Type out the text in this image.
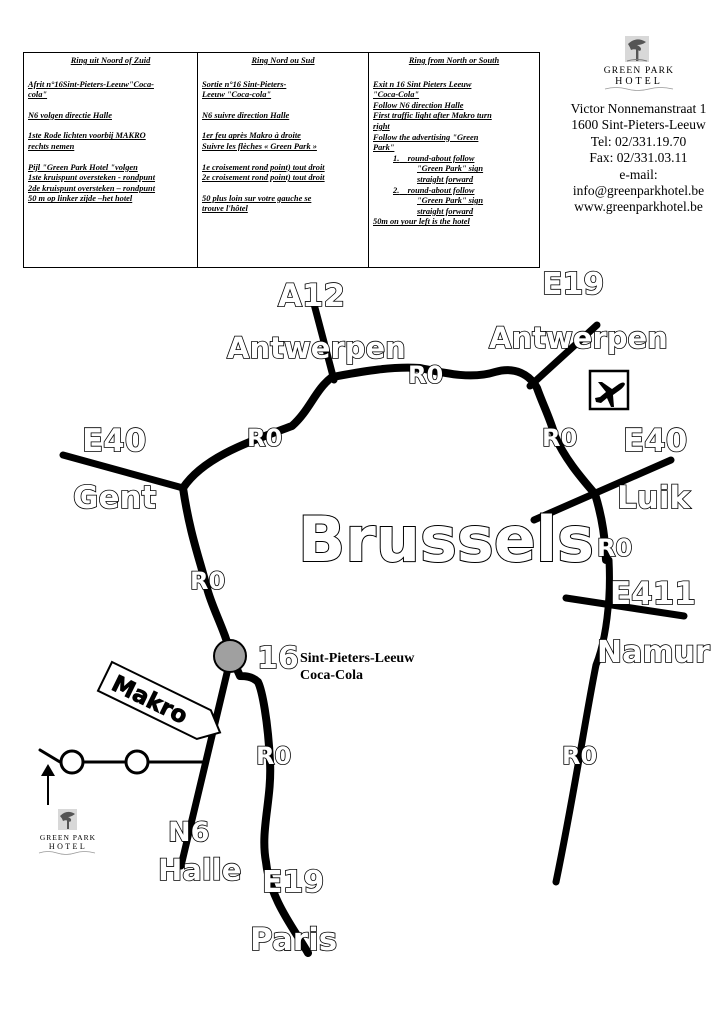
Ring uit Noord of Zuid
Afrit n°16Sint-Pieters-Leeuw"Coca-
cola"
N6 volgen directie Halle
1ste Rode lichten voorbij MAKRO
rechts nemen
Pijl "Green Park Hotel "volgen
1ste kruispunt oversteken - rondpunt
2de kruispunt oversteken – rondpunt
50 m op linker zijde –het hotel
Ring Nord ou Sud
Sortie n°16 Sint-Pieters-
Leeuw "Coca-cola"
N6 suivre direction Halle
1er feu après Makro à droite
Suivre les flèches « Green Park »
1e croisement rond point) tout droit
2e croisement rond point) tout droit
50 plus loin sur votre gauche se
trouve l'hôtel
Ring from North or South
Exit n 16 Sint Pieters Leeuw
"Coca-Cola"
Follow N6 direction Halle
First traffic light after Makro turn
right
Follow the advertising "Green
Park"
1. round-about follow
"Green Park" sign
straight forward
2. round-about follow
"Green Park" sign
straight forward
50m on your left is the hotel
GREEN PARK
HOTEL
Victor Nonnemanstraat 1
1600 Sint-Pieters-Leeuw
Tel: 02/331.19.70
Fax: 02/331.03.11
e-mail:
info@greenparkhotel.be
www.greenparkhotel.be
Makro
A12
Antwerpen
E19
Antwerpen
E40
Gent
E40
Luik
E411
Namur
N6
Halle E19
Paris
R0
R0	R0
R0
R0
R0	R0
Brussels
16 Sint-Pieters-Leeuw
Coca-Cola
GREEN PARK
HOTEL
